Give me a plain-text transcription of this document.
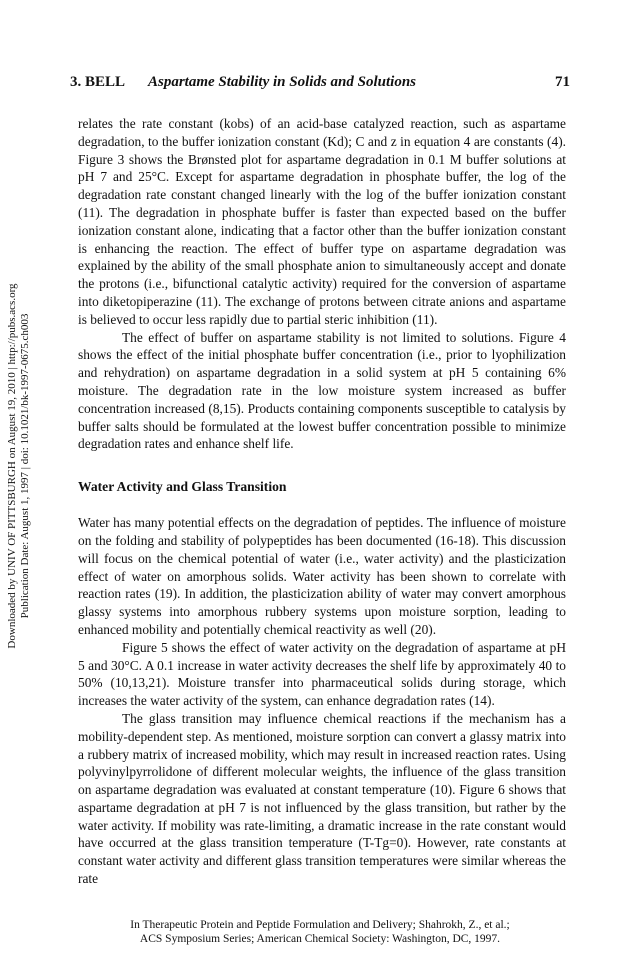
3. BELL Aspartame Stability in Solids and Solutions	71
Downloaded by UNIV OF PITTSBURGH on August 19, 2010 | http://pubs.acs.org Publication Date: August 1, 1997 | doi: 10.1021/bk-1997-0675.ch003

relates the rate constant (kobs) of an acid-base catalyzed reaction, such as aspartame degradation, to the buffer ionization constant (Kd); C and z in equation 4 are constants (4). Figure 3 shows the Brønsted plot for aspartame degradation in 0.1 M buffer solutions at pH 7 and 25°C. Except for aspartame degradation in phosphate buffer, the log of the degradation rate constant changed linearly with the log of the buffer ionization constant (11). The degradation in phosphate buffer is faster than expected based on the buffer ionization constant alone, indicating that a factor other than the buffer ionization constant is enhancing the reaction. The effect of buffer type on aspartame degradation was explained by the ability of the small phosphate anion to simultaneously accept and donate the protons (i.e., bifunctional catalytic activity) required for the conversion of aspartame into diketopiperazine (11). The exchange of protons between citrate anions and aspartame is believed to occur less rapidly due to partial steric inhibition (11).

The effect of buffer on aspartame stability is not limited to solutions. Figure 4 shows the effect of the initial phosphate buffer concentration (i.e., prior to lyophilization and rehydration) on aspartame degradation in a solid system at pH 5 containing 6% moisture. The degradation rate in the low moisture system increased as buffer concentration increased (8,15). Products containing components susceptible to catalysis by buffer salts should be formulated at the lowest buffer concentration possible to minimize degradation rates and enhance shelf life.

Water Activity and Glass Transition

Water has many potential effects on the degradation of peptides. The influence of moisture on the folding and stability of polypeptides has been documented (16-18). This discussion will focus on the chemical potential of water (i.e., water activity) and the plasticization effect of water on amorphous solids. Water activity has been shown to correlate with reaction rates (19). In addition, the plasticization ability of water may convert amorphous glassy systems into amorphous rubbery systems upon moisture sorption, leading to enhanced mobility and potentially chemical reactivity as well (20).

Figure 5 shows the effect of water activity on the degradation of aspartame at pH 5 and 30°C. A 0.1 increase in water activity decreases the shelf life by approximately 40 to 50% (10,13,21). Moisture transfer into pharmaceutical solids during storage, which increases the water activity of the system, can enhance degradation rates (14).

The glass transition may influence chemical reactions if the mechanism has a mobility-dependent step. As mentioned, moisture sorption can convert a glassy matrix into a rubbery matrix of increased mobility, which may result in increased reaction rates. Using polyvinylpyrrolidone of different molecular weights, the influence of the glass transition on aspartame degradation was evaluated at constant temperature (10). Figure 6 shows that aspartame degradation at pH 7 is not influenced by the glass transition, but rather by the water activity. If mobility was rate-limiting, a dramatic increase in the rate constant would have occurred at the glass transition temperature (T-Tg=0). However, rate constants at constant water activity and different glass transition temperatures were similar whereas the rate

In Therapeutic Protein and Peptide Formulation and Delivery; Shahrokh, Z., et al.;
ACS Symposium Series; American Chemical Society: Washington, DC, 1997.
